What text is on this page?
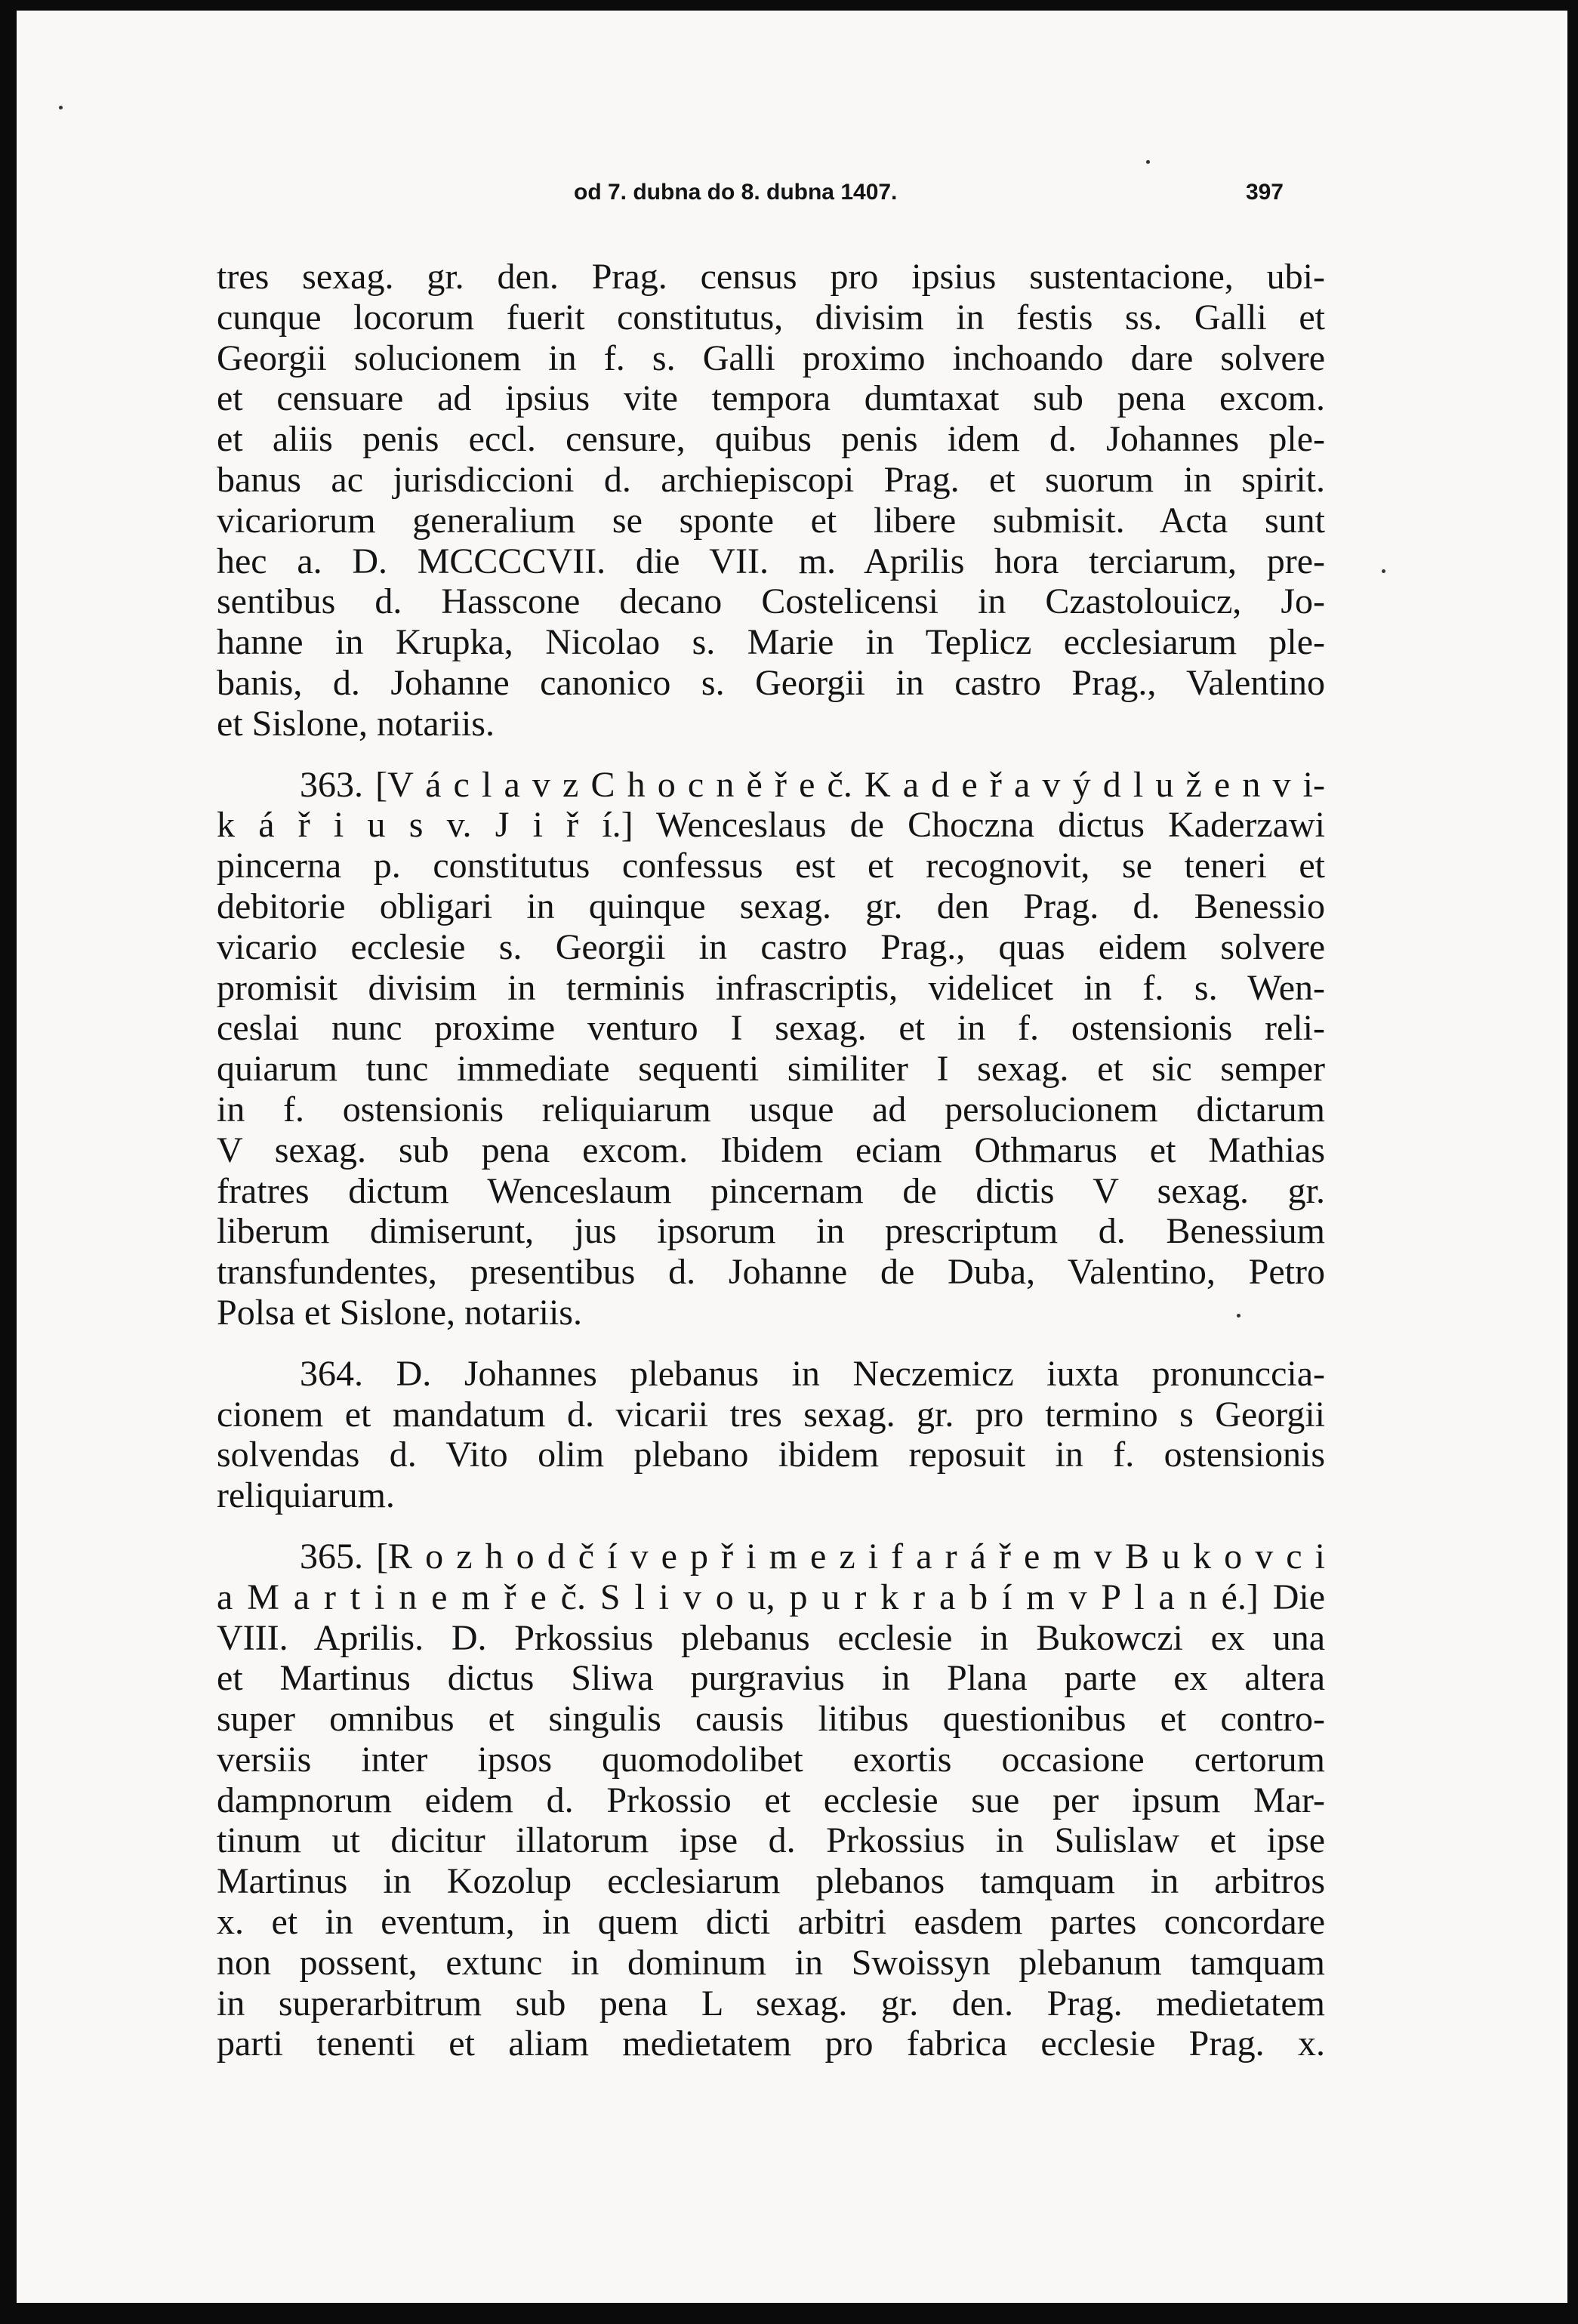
od 7. dubna do 8. dubna 1407.	397
tres sexag. gr. den. Prag. census pro ipsius sustentacione, ubi-
cunque locorum fuerit constitutus, divisim in festis ss. Galli et
Georgii solucionem in f. s. Galli proximo inchoando dare solvere
et censuare ad ipsius vite tempora dumtaxat sub pena excom.
et aliis penis eccl. censure, quibus penis idem d. Johannes ple-
banus ac jurisdiccioni d. archiepiscopi Prag. et suorum in spirit.
vicariorum generalium se sponte et libere submisit. Acta sunt
hec a. D. MCCCCVII. die VII. m. Aprilis hora terciarum, pre-
sentibus d. Hasscone decano Costelicensi in Czastolouicz, Jo-
hanne in Krupka, Nicolao s. Marie in Teplicz ecclesiarum ple-
banis, d. Johanne canonico s. Georgii in castro Prag., Valentino
et Sislone, notariis.
363. [V á c l a v z C h o c n ě ř e č. K a d e ř a v ý d l u ž e n v i-
k á ř i u s v. J i ř í.] Wenceslaus de Choczna dictus Kaderzawi
pincerna p. constitutus confessus est et recognovit, se teneri et
debitorie obligari in quinque sexag. gr. den Prag. d. Benessio
vicario ecclesie s. Georgii in castro Prag., quas eidem solvere
promisit divisim in terminis infrascriptis, videlicet in f. s. Wen-
ceslai nunc proxime venturo I sexag. et in f. ostensionis reli-
quiarum tunc immediate sequenti similiter I sexag. et sic semper
in f. ostensionis reliquiarum usque ad persolucionem dictarum
V sexag. sub pena excom. Ibidem eciam Othmarus et Mathias
fratres dictum Wenceslaum pincernam de dictis V sexag. gr.
liberum dimiserunt, jus ipsorum in prescriptum d. Benessium
transfundentes, presentibus d. Johanne de Duba, Valentino, Petro
Polsa et Sislone, notariis.
364. D. Johannes plebanus in Neczemicz iuxta pronuncciа-
cionem et mandatum d. vicarii tres sexag. gr. pro termino s Georgii
solvendas d. Vito olim plebano ibidem reposuit in f. ostensionis
reliquiarum.
365. [R o z h o d č í v e p ř i m e z i f a r á ř e m v B u k o v c i
a M a r t i n e m ř e č. S l i v o u, p u r k r a b í m v P l a n é.] Die
VIII. Aprilis. D. Prkossius plebanus ecclesie in Bukowczi ex una
et Martinus dictus Sliwa purgravius in Plana parte ex altera
super omnibus et singulis causis litibus questionibus et contro-
versiis inter ipsos quomodolibet exortis occasione certorum
dampnorum eidem d. Prkossio et ecclesie sue per ipsum Mar-
tinum ut dicitur illatorum ipse d. Prkossius in Sulislaw et ipse
Martinus in Kozolup ecclesiarum plebanos tamquam in arbitros
x. et in eventum, in quem dicti arbitri easdem partes concordare
non possent, extunc in dominum in Swoissyn plebanum tamquam
in superarbitrum sub pena L sexag. gr. den. Prag. medietatem
parti tenenti et aliam medietatem pro fabrica ecclesie Prag. x.
